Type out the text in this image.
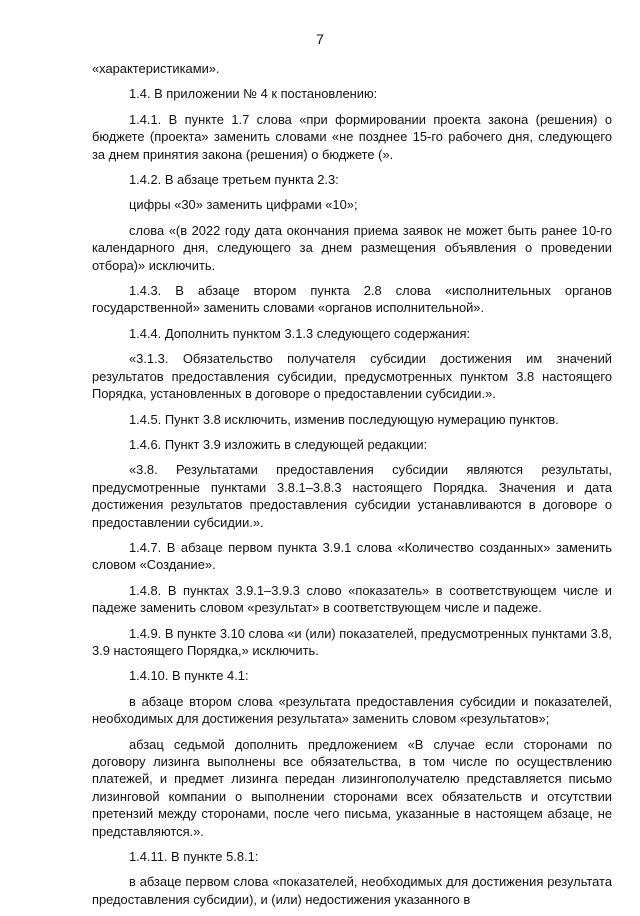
7

«характеристиками».

1.4. В приложении № 4 к постановлению:

1.4.1. В пункте 1.7 слова «при формировании проекта закона (решения) о бюджете (проекта» заменить словами «не позднее 15-го рабочего дня, следующего за днем принятия закона (решения) о бюджете (».

1.4.2. В абзаце третьем пункта 2.3:

цифры «30» заменить цифрами «10»;

слова «(в 2022 году дата окончания приема заявок не может быть ранее 10-го календарного дня, следующего за днем размещения объявления о проведении отбора)» исключить.

1.4.3. В абзаце втором пункта 2.8 слова «исполнительных органов государственной» заменить словами «органов исполнительной».

1.4.4. Дополнить пунктом 3.1.3 следующего содержания:

«3.1.3. Обязательство получателя субсидии достижения им значений результатов предоставления субсидии, предусмотренных пунктом 3.8 настоящего Порядка, установленных в договоре о предоставлении субсидии.».

1.4.5. Пункт 3.8 исключить, изменив последующую нумерацию пунктов.

1.4.6. Пункт 3.9 изложить в следующей редакции:

«3.8. Результатами предоставления субсидии являются результаты, предусмотренные пунктами 3.8.1–3.8.3 настоящего Порядка. Значения и дата достижения результатов предоставления субсидии устанавливаются в договоре о предоставлении субсидии.».

1.4.7. В абзаце первом пункта 3.9.1 слова «Количество созданных» заменить словом «Создание».

1.4.8. В пунктах 3.9.1–3.9.3 слово «показатель» в соответствующем числе и падеже заменить словом «результат» в соответствующем числе и падеже.

1.4.9. В пункте 3.10 слова «и (или) показателей, предусмотренных пунктами 3.8, 3.9 настоящего Порядка,» исключить.

1.4.10. В пункте 4.1:

в абзаце втором слова «результата предоставления субсидии и показателей, необходимых для достижения результата» заменить словом «результатов»;

абзац седьмой дополнить предложением «В случае если сторонами по договору лизинга выполнены все обязательства, в том числе по осуществлению платежей, и предмет лизинга передан лизингополучателю представляется письмо лизинговой компании о выполнении сторонами всех обязательств и отсутствии претензий между сторонами, после чего письма, указанные в настоящем абзаце, не представляются.».

1.4.11. В пункте 5.8.1:

в абзаце первом слова «показателей, необходимых для достижения результата предоставления субсидии), и (или) недостижения указанного в
